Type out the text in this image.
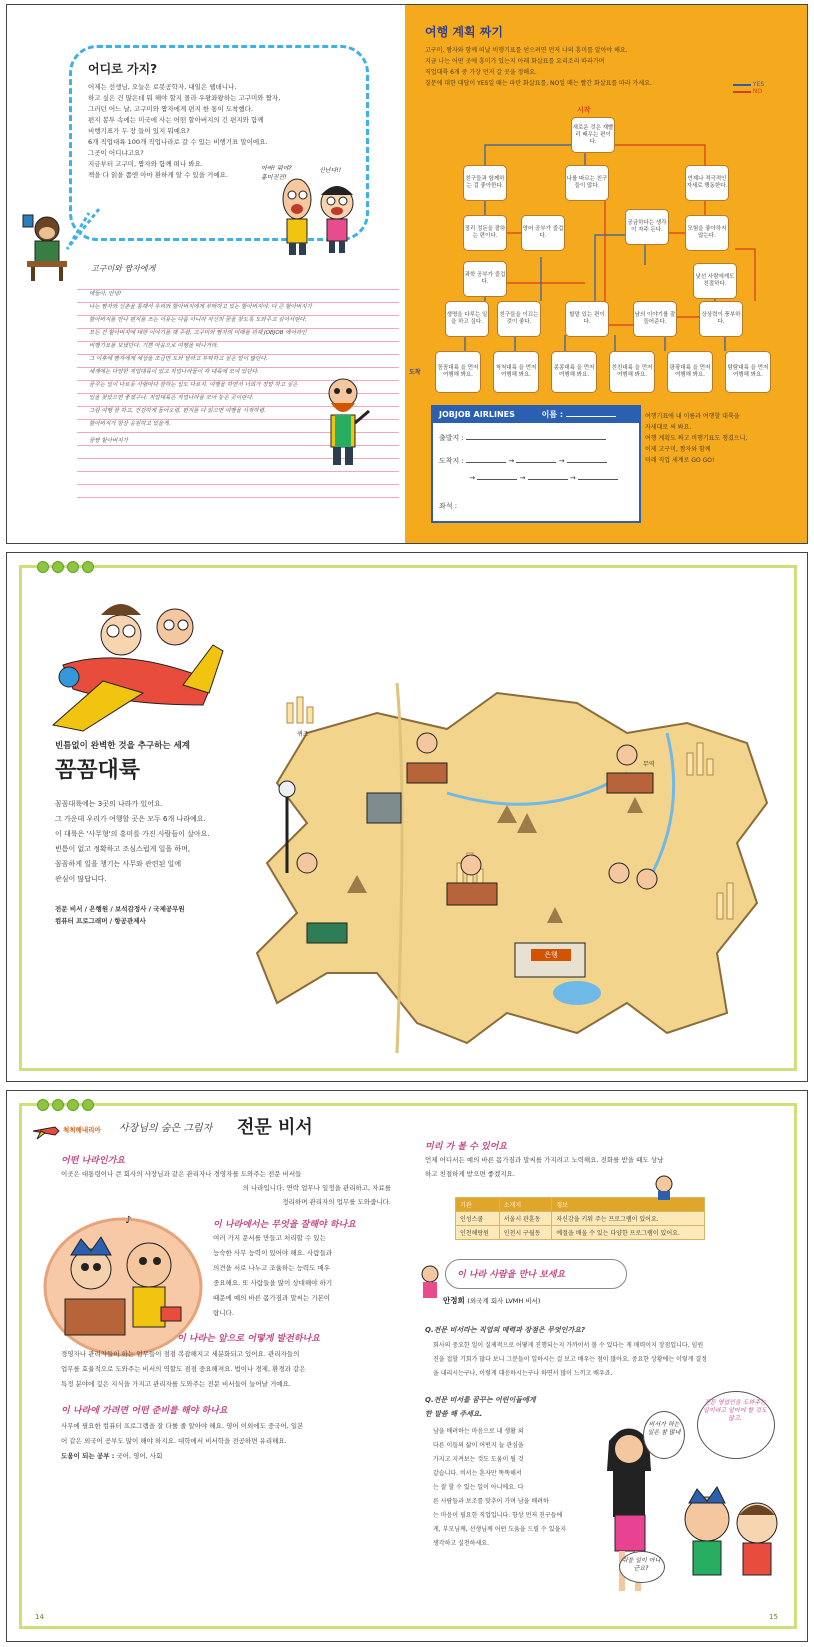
어디로 가지?
어제는 선생님, 오늘은 로봇공학자, 내일은 웹데니나.
하고 싶은 건 많은데 뭐 해야 할지 몰라 우왕좌왕하는 고구미와 짬자,
그러던 어느 날, 고구미와 짬자에게 편지 한 통이 도착했다.
편지 봉투 속에는 미국에 사는 어떤 할아버지의 긴 편지와 함께
비행기표가 두 장 들어 있지 뭐예요?
6개 직업대륙 100개 직업나라로 갈 수 있는 비행기표 말이에요.
그곳이 어디냐고요?
지금부터 고구미, 짬자와 함께 떠나 봐요.
책을 다 읽을 쯤엔 아마 환하게 알 수 있을 거예요.
아싸! 뭐야? 흥미진진!
신난다!!
고구미와 짬자에게
애들아, 안녕!
나는 짬자와 신촌을 통해서 우리와 할아버지에게 부탁하고 있는 할아버지야. 다 큰 할아버지가
할아버지를 만나 편지를 쓰는 이유는 다름 아니라 자신의 꿈을 찾도록 도와주고 싶어서란다.
모든 건 할아버지에 대한 이야기를 해 주렴, 고구미와 짬자의 미래를 위해 JOBJOB 에어라인
비행기표를 보냈단다. 기쁜 마음으로 여행을 떠나거라.
그 이후에 짬자에게 세상을 조금만 도와 달라고 부탁하고 싶은 말이 많단다.
세계에는 다양한 직업대륙이 있고 직업나라들이 각 대륙에 모여 있단다.
꿈꾸는 일이 다르듯 사람마다 잘하는 일도 다르지. 여행을 하면서 너희가 정말 하고 싶은
일을 찾았으면 좋겠구나. 직업대륙은 직업나라를 모아 놓은 곳이란다.
그럼 여행 잘 하고, 건강하게 돌아오렴. 편지를 다 읽으면 여행을 시작하렴.
할아버지가 항상 응원하고 있을게.
꿈짱 할아버지가
여행 계획 짜기
고구미, 짬자와 함께 떠날 비행기표를 얻으려면 먼저 나의 흥미를 알아야 해요.
지금 나는 어떤 곳에 흥미가 있는지 아래 화살표를 요리조리 따라가며
직업대륙 6개 중 가장 먼저 갈 곳을 정해요.
질문에 대한 대답이 YES일 때는 파란 화살표를, NO일 때는 빨간 화살표를 따라 가세요.	YES
NO
시작
새로운 것은 재빨리 배우는 편이다.
친구들과 함께하는 걸 좋아한다.
나를 따르는 친구들이 많다.
언제나 적극적인 자세로 행동한다.
정리 정돈을 잘하는 편이다.
영어 공부가 즐겁다.
궁금하다는 생각이 자주 든다.	모험을 좋아하지 않는다.
과학 공부가 즐겁다.
낯선 사람에게도 친절하다.
생명을 다루는 일을 하고 싶다.
친구들을 이끄는 것이 좋다.
할말 있는 편이다.
남의 이야기를 잘 들어준다.
상상력이 풍부하다.
도착
꼼꼼대륙 을 먼저 여행해 봐요.
척척대륙 을 먼저 여행해 봐요.
콩콩대륙 을 먼저 여행해 봐요.
친친대륙 을 먼저 여행해 봐요.
팡팡대륙 을 먼저 여행해 봐요.
탐탐대륙 을 먼저 여행해 봐요.
JOBJOB AIRLINES	이름 :
출발지 :
도착지 :	→	→
→	→	→
좌석 :
여행기표에 내 이름과 여행할 대륙을
자세대로 써 봐요.
여행 계획도 짜고 비행기표도 챙겼으니,
이제 고구미, 짬자와 함께
미래 직업 세계로 GO GO!
빈틈없이 완벽한 것을 추구하는 세계
꼼꼼대륙
꼼꼼대륙에는 3곳의 나라가 있어요.
그 가운데 우리가 여행할 곳은 모두 6개 나라예요.
이 대륙은 '사무형'의 흥미를 가진 사람들이 살아요.
빈틈이 없고 정확하고 조심스럽게 일을 하며,
꼼꼼하게 일을 챙기는 사무와 관련된 일에
관심이 많답니다.
전문 비서 / 은행원 / 보석감정사 / 국제공무원
컴퓨터 프로그래머 / 항공관제사
은행
퀴즈
무역
척척해내리아 사장님의 숨은 그림자 전문 비서
어떤 나라인가요
이곳은 대통령이나 큰 회사의 사장님과 같은 관리자나 경영자를 도와주는 전문 비서들
의 나라입니다. 연락 업무나 일정을 관리하고, 자료를
정리하며 관리자의 업무를 도와줍니다.
♪	이 나라에서는 무엇을 잘해야 하나요
여러 가지 문서를 만들고 처리할 수 있는
능숙한 사무 능력이 있어야 해요. 사람들과
의견을 서로 나누고 조율하는 능력도 매우
중요해요. 또 사람들을 많이 상대해야 하기
때문에 예의 바른 몸가짐과 말씨는 기본이
랍니다.
이 나라는 앞으로 어떻게 발전하나요
경영자나 관리자들이 하는 업무들이 점점 복잡해지고 세분화되고 있어요. 관리자들의
업무를 효율적으로 도와주는 비서의 역할도 점점 중요해져요. 법이나 경제, 환경과 같은
특정 분야에 깊은 지식을 가지고 관리자를 도와주는 전문 비서들이 늘어날 거예요.
이 나라에 가려면 어떤 준비를 해야 하나요
사무에 필요한 컴퓨터 프로그램을 잘 다룰 줄 알아야 해요. 영어 이외에도 중국어, 일본
어 같은 외국어 공부도 많이 해야 하지요. 대학에서 비서학을 전공하면 유리해요.
도움이 되는 공부 : 국어, 영어, 사회
미리 가 볼 수 있어요
언제 어디서든 예의 바른 몸가짐과 말씨를 가지려고 노력해요. 전화를 받을 때도 상냥
하고 친절하게 받으면 좋겠지요.
기관	소재지	정보
인성스쿨	서울시 관훈동	자신감을 키워 주는 프로그램이 있어요.
인천해랑원	인천시 구월동	예절을 배울 수 있는 다양한 프로그램이 있어요.
이 나라 사람을 만나 보세요
안정희 (외국계 회사 LVMH 비서)
Q.전문 비서라는 직업의 매력과 장점은 무엇인가요?
회사의 중요한 일이 실제적으로 어떻게 진행되는지 가까이서 볼 수 있다는 게 매력이지 장점입니다. 임원
진을 접할 기회가 많다 보니 그분들이 일하시는 걸 보고 배우는 점이 많아요. 중요한 상황에는 이렇게 결정
을 내리시는구나, 이렇게 대응하시는구나 하면서 많이 느끼고 배우죠.
Q.전문 비서를 꿈꾸는 어린이들에게
한 말씀 해 주세요.
남을 배려하는 마음으로 내 생활 외
다른 이들의 삶이 어떤지 늘 관심을
가지고 지켜보는 것도 도움이 될 것
같습니다. 비서는 혼자만 똑똑해서
는 잘 할 수 있는 일이 아니에요. 다
른 사람들과 보조를 맞추어 가며 남을 배려하
는 마음이 필요한 직업입니다. 항상 먼저 친구들에
게, 부모님께, 선생님께 어떤 도움을 드릴 수 있을지
생각하고 실천하세요.
비서가 하는 일은 참 많네
전문 영업인을 도와주는 일이라고 알아야 할 것도 많고.
쉬울 일이 아니군요?
14	15
